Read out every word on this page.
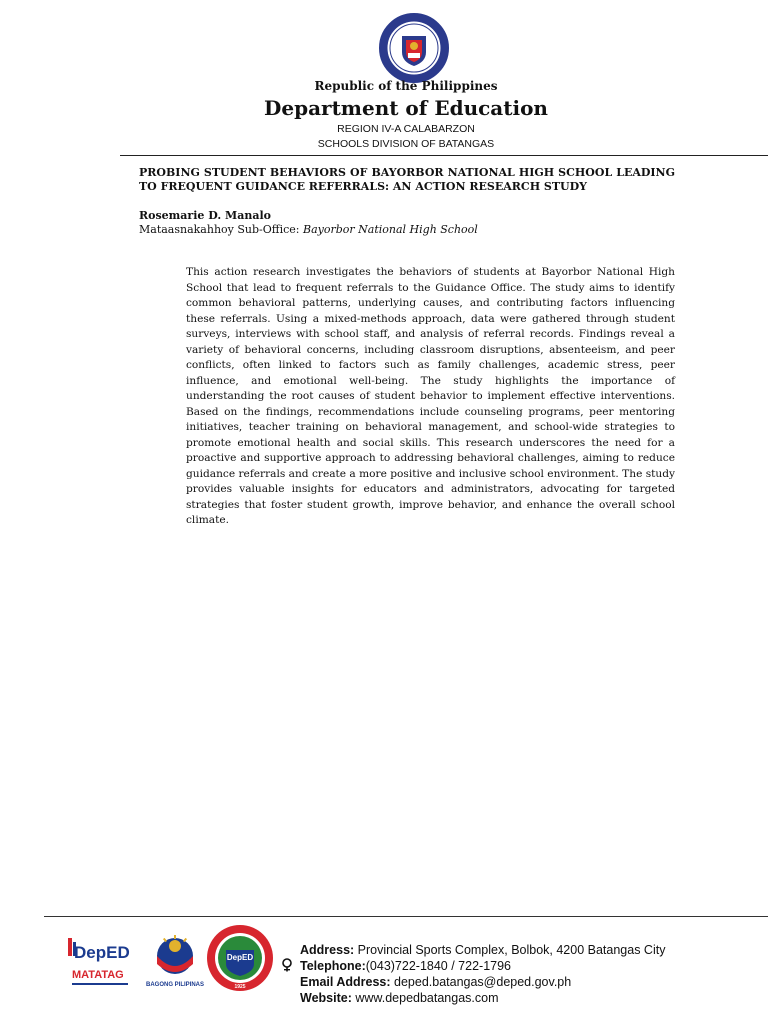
Republic of the Philippines
Department of Education
REGION IV-A CALABARZON
SCHOOLS DIVISION OF BATANGAS
PROBING STUDENT BEHAVIORS OF BAYORBOR NATIONAL HIGH SCHOOL LEADING TO FREQUENT GUIDANCE REFERRALS: AN ACTION RESEARCH STUDY
Rosemarie D. Manalo
Mataasnakahhoy Sub-Office: Bayorbor National High School

This action research investigates the behaviors of students at Bayorbor National High School that lead to frequent referrals to the Guidance Office. The study aims to identify common behavioral patterns, underlying causes, and contributing factors influencing these referrals. Using a mixed-methods approach, data were gathered through student surveys, interviews with school staff, and analysis of referral records. Findings reveal a variety of behavioral concerns, including classroom disruptions, absenteeism, and peer conflicts, often linked to factors such as family challenges, academic stress, peer influence, and emotional well-being. The study highlights the importance of understanding the root causes of student behavior to implement effective interventions. Based on the findings, recommendations include counseling programs, peer mentoring initiatives, teacher training on behavioral management, and school-wide strategies to promote emotional health and social skills. This research underscores the need for a proactive and supportive approach to addressing behavioral challenges, aiming to reduce guidance referrals and create a more positive and inclusive school environment. The study provides valuable insights for educators and administrators, advocating for targeted strategies that foster student growth, improve behavior, and enhance the overall school climate.

DepED
MATATAG
BAGONG PILIPINAS
DepED
1925
Address: Provincial Sports Complex, Bolbok, 4200 Batangas City
Telephone:(043)722-1840 / 722-1796
Email Address: deped.batangas@deped.gov.ph
Website: www.depedbatangas.com
